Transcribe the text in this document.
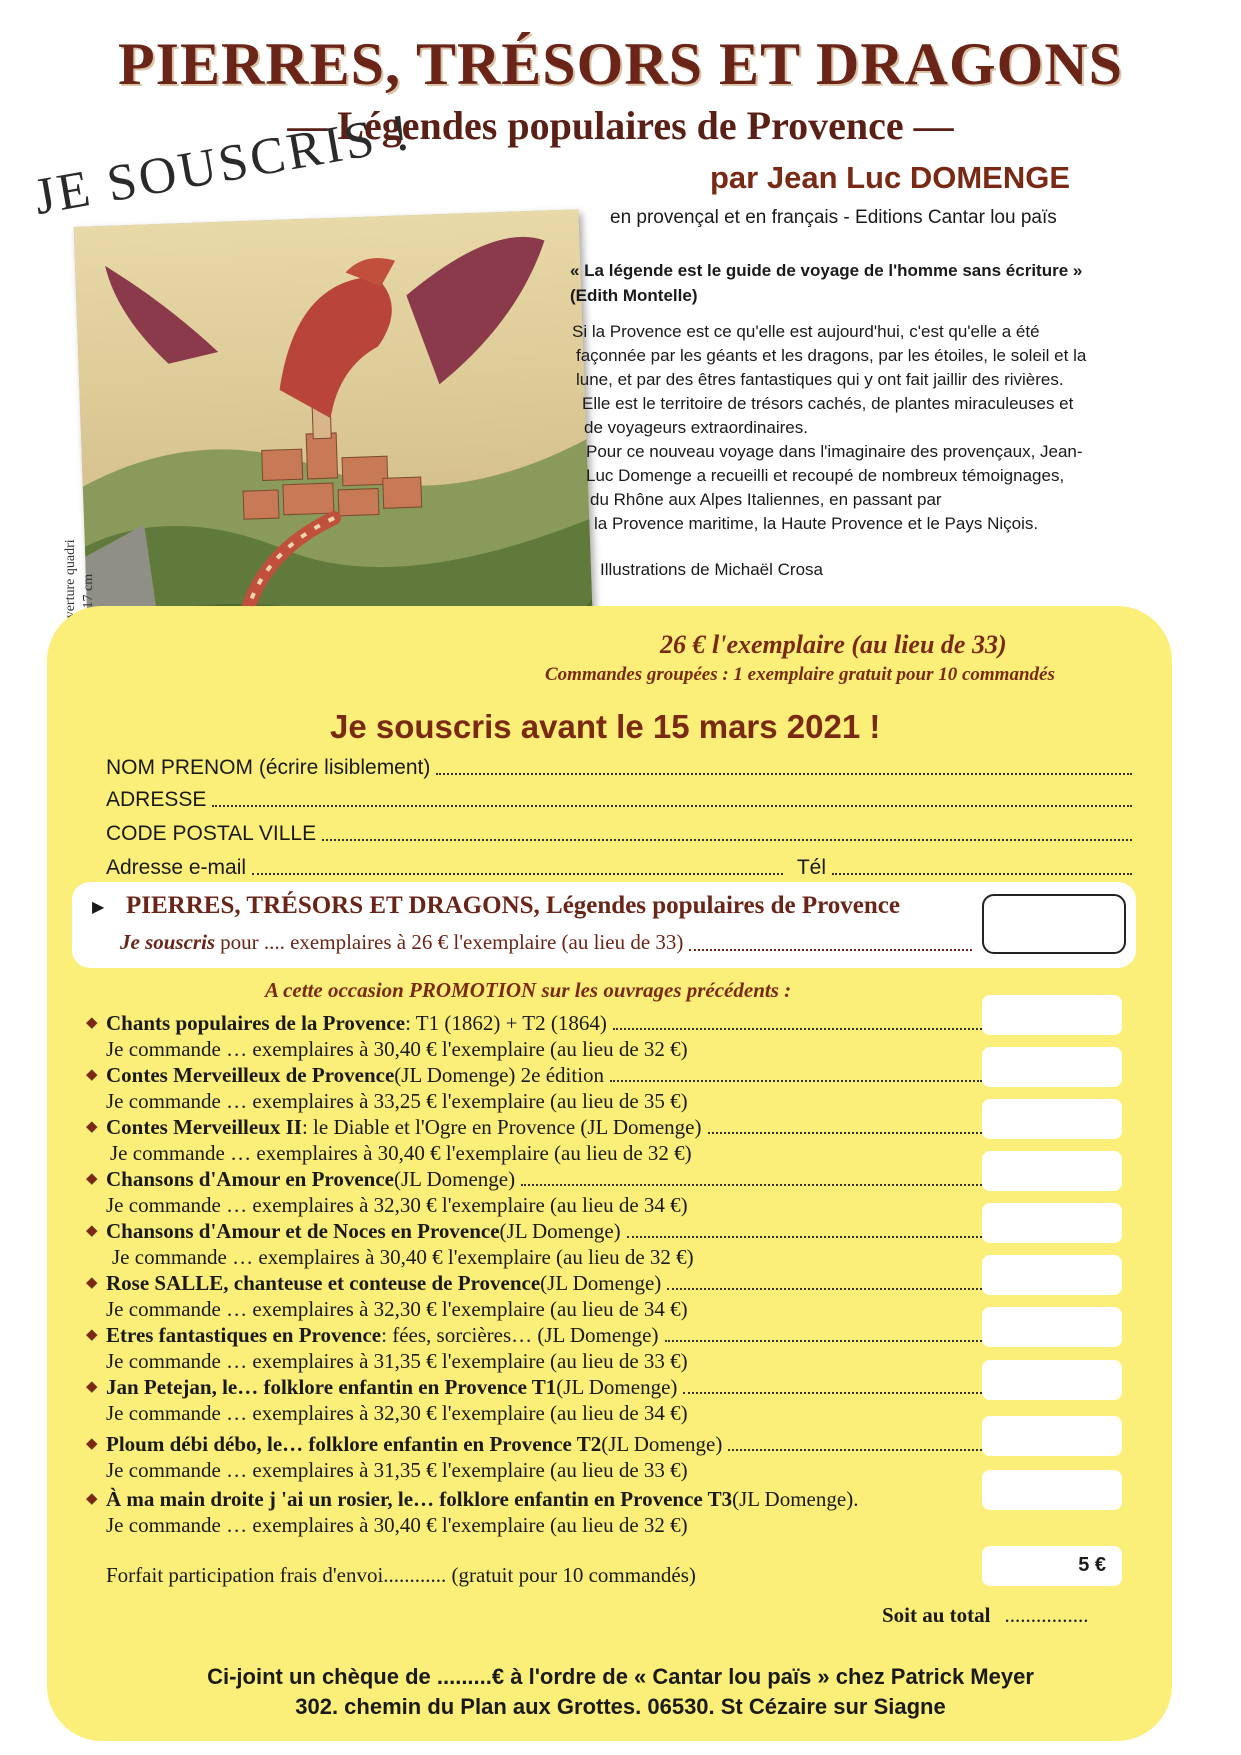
PIERRES, TRÉSORS ET DRAGONS
— Légendes populaires de Provence —
JE SOUSCRIS !	par Jean Luc DOMENGE
en provençal et en français - Editions Cantar lou païs
« La légende est le guide de voyage de l'homme sans écriture »
(Edith Montelle)

Si la Provence est ce qu'elle est aujourd'hui, c'est qu'elle a été

façonnée par les géants et les dragons, par les étoiles, le soleil et la

lune, et par des êtres fantastiques qui y ont fait jaillir des rivières.

Elle est le territoire de trésors cachés, de plantes miraculeuses et

de voyageurs extraordinaires.

Pour ce nouveau voyage dans l'imaginaire des provençaux, Jean-

Luc Domenge a recueilli et recoupé de nombreux témoignages,

du Rhône aux Alpes Italiennes, en passant par

la Provence maritime, la Haute Provence et le Pays Niçois.

Illustrations de Michaël Crosa
26 € l'exemplaire (au lieu de 33)
Commandes groupées : 1 exemplaire gratuit pour 10 commandés
Je souscris avant le 15 mars 2021 !
NOM PRENOM (écrire lisiblement)
ADRESSE
CODE POSTAL VILLE
Adresse e-mail	Tél
▶ PIERRES, TRÉSORS ET DRAGONS, Légendes populaires de Provence
Je souscris pour .... exemplaires à 26 € l'exemplaire (au lieu de 33)
A cette occasion PROMOTION sur les ouvrages précédents :
◆ Chants populaires de la Provence : T1 (1862) + T2 (1864)
Je commande … exemplaires à 30,40 € l'exemplaire (au lieu de 32 €)
◆ Contes Merveilleux de Provence (JL Domenge) 2e édition
Je commande … exemplaires à 33,25 € l'exemplaire (au lieu de 35 €)
◆ Contes Merveilleux II : le Diable et l'Ogre en Provence (JL Domenge)
Je commande … exemplaires à 30,40 € l'exemplaire (au lieu de 32 €)
◆ Chansons d'Amour en Provence (JL Domenge)
Je commande … exemplaires à 32,30 € l'exemplaire (au lieu de 34 €)
◆ Chansons d'Amour et de Noces en Provence (JL Domenge)
Je commande … exemplaires à 30,40 € l'exemplaire (au lieu de 32 €)
◆ Rose SALLE, chanteuse et conteuse de Provence (JL Domenge)
Je commande … exemplaires à 32,30 € l'exemplaire (au lieu de 34 €)
◆ Etres fantastiques en Provence : fées, sorcières… (JL Domenge)
Je commande … exemplaires à 31,35 € l'exemplaire (au lieu de 33 €)
◆ Jan Petejan, le… folklore enfantin en Provence T1 (JL Domenge)
Je commande … exemplaires à 32,30 € l'exemplaire (au lieu de 34 €)
◆ Ploum débi débo, le… folklore enfantin en Provence T2 (JL Domenge)
Je commande … exemplaires à 31,35 € l'exemplaire (au lieu de 33 €)
◆ À ma main droite j 'ai un rosier, le… folklore enfantin en Provence T3 (JL Domenge).
Je commande … exemplaires à 30,40 € l'exemplaire (au lieu de 32 €)
Forfait participation frais d'envoi............ (gratuit pour 10 commandés)	5 €
Soit au total ................
Ci-joint un chèque de .........€ à l'ordre de « Cantar lou païs » chez Patrick Meyer
302. chemin du Plan aux Grottes. 06530. St Cézaire sur Siagne
